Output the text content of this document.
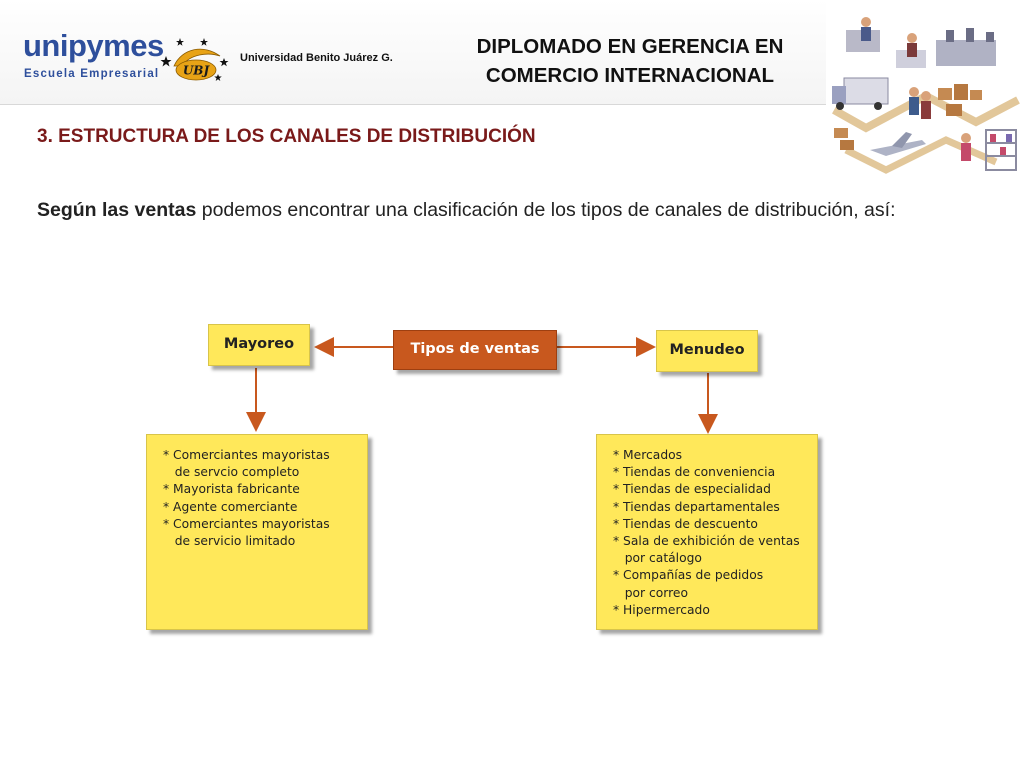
unipymes
Escuela Empresarial UBJ
Universidad Benito Juárez G.	DIPLOMADO EN GERENCIA EN
COMERCIO INTERNACIONAL
3. ESTRUCTURA DE LOS CANALES DE DISTRIBUCIÓN
Según las ventas podemos encontrar una clasificación de los tipos de canales de distribución, así:
Tipos de ventas
Mayoreo	Menudeo
* Comerciantes mayoristas
de servcio completo
* Mayorista fabricante
* Agente comerciante
* Comerciantes mayoristas
de servicio limitado
* Mercados
* Tiendas de conveniencia
* Tiendas de especialidad
* Tiendas departamentales
* Tiendas de descuento
* Sala de exhibición de ventas
por catálogo
* Compañías de pedidos
por correo
* Hipermercado
